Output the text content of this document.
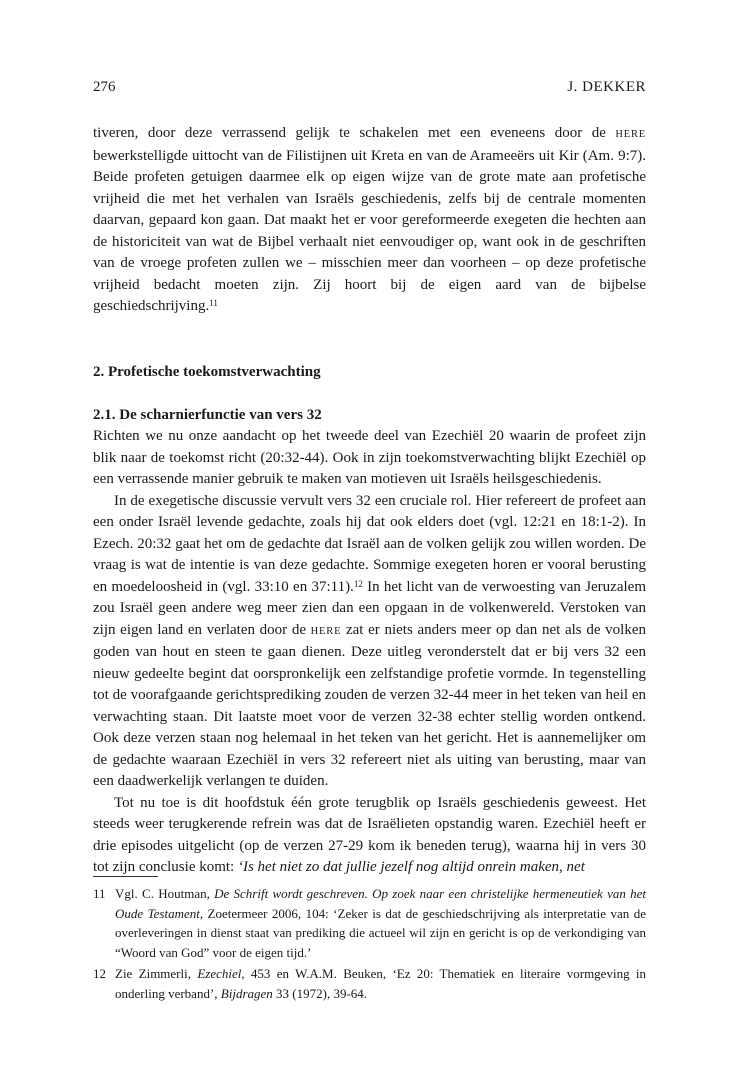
276	J. DEKKER

tiveren, door deze verrassend gelijk te schakelen met een eveneens door de HERE bewerkstelligde uittocht van de Filistijnen uit Kreta en van de Arameeërs uit Kir (Am. 9:7). Beide profeten getuigen daarmee elk op eigen wijze van de grote mate aan profetische vrijheid die met het verhalen van Israëls geschiedenis, zelfs bij de centrale momenten daarvan, gepaard kon gaan. Dat maakt het er voor gereformeerde exegeten die hechten aan de historiciteit van wat de Bijbel verhaalt niet eenvoudiger op, want ook in de geschriften van de vroege profeten zullen we – misschien meer dan voorheen – op deze profetische vrijheid bedacht moeten zijn. Zij hoort bij de eigen aard van de bijbelse geschiedschrijving.$^{11}$

2. Profetische toekomstverwachting

2.1. De scharnierfunctie van vers 32

Richten we nu onze aandacht op het tweede deel van Ezechiël 20 waarin de profeet zijn blik naar de toekomst richt (20:32-44). Ook in zijn toekomstverwachting blijkt Ezechiël op een verrassende manier gebruik te maken van motieven uit Israëls heilsgeschiedenis.

In de exegetische discussie vervult vers 32 een cruciale rol. Hier refereert de profeet aan een onder Israël levende gedachte, zoals hij dat ook elders doet (vgl. 12:21 en 18:1-2). In Ezech. 20:32 gaat het om de gedachte dat Israël aan de volken gelijk zou willen worden. De vraag is wat de intentie is van deze gedachte. Sommige exegeten horen er vooral berusting en moedeloosheid in (vgl. 33:10 en 37:11).$^{12}$ In het licht van de verwoesting van Jeruzalem zou Israël geen andere weg meer zien dan een opgaan in de volkenwereld. Verstoken van zijn eigen land en verlaten door de HERE zat er niets anders meer op dan net als de volken goden van hout en steen te gaan dienen. Deze uitleg veronderstelt dat er bij vers 32 een nieuw gedeelte begint dat oorspronkelijk een zelfstandige profetie vormde. In tegenstelling tot de voorafgaande gerichtsprediking zouden de verzen 32-44 meer in het teken van heil en verwachting staan. Dit laatste moet voor de verzen 32-38 echter stellig worden ontkend. Ook deze verzen staan nog helemaal in het teken van het gericht. Het is aannemelijker om de gedachte waaraan Ezechiël in vers 32 refereert niet als uiting van berusting, maar van een daadwerkelijk verlangen te duiden.

Tot nu toe is dit hoofdstuk één grote terugblik op Israëls geschiedenis geweest. Het steeds weer terugkerende refrein was dat de Israëlieten opstandig waren. Ezechiël heeft er drie episodes uitgelicht (op de verzen 27-29 kom ik beneden terug), waarna hij in vers 30 tot zijn conclusie komt: ‘Is het niet zo dat jullie jezelf nog altijd onrein maken, net

11 Vgl. C. Houtman, De Schrift wordt geschreven. Op zoek naar een christelijke hermeneutiek van het Oude Testament, Zoetermeer 2006, 104: ‘Zeker is dat de geschiedschrijving als interpretatie van de overleveringen in dienst staat van prediking die actueel wil zijn en gericht is op de verkondiging van “Woord van God” voor de eigen tijd.’
12 Zie Zimmerli, Ezechiel, 453 en W.A.M. Beuken, ‘Ez 20: Thematiek en literaire vormgeving in onderling verband’, Bijdragen 33 (1972), 39-64.
